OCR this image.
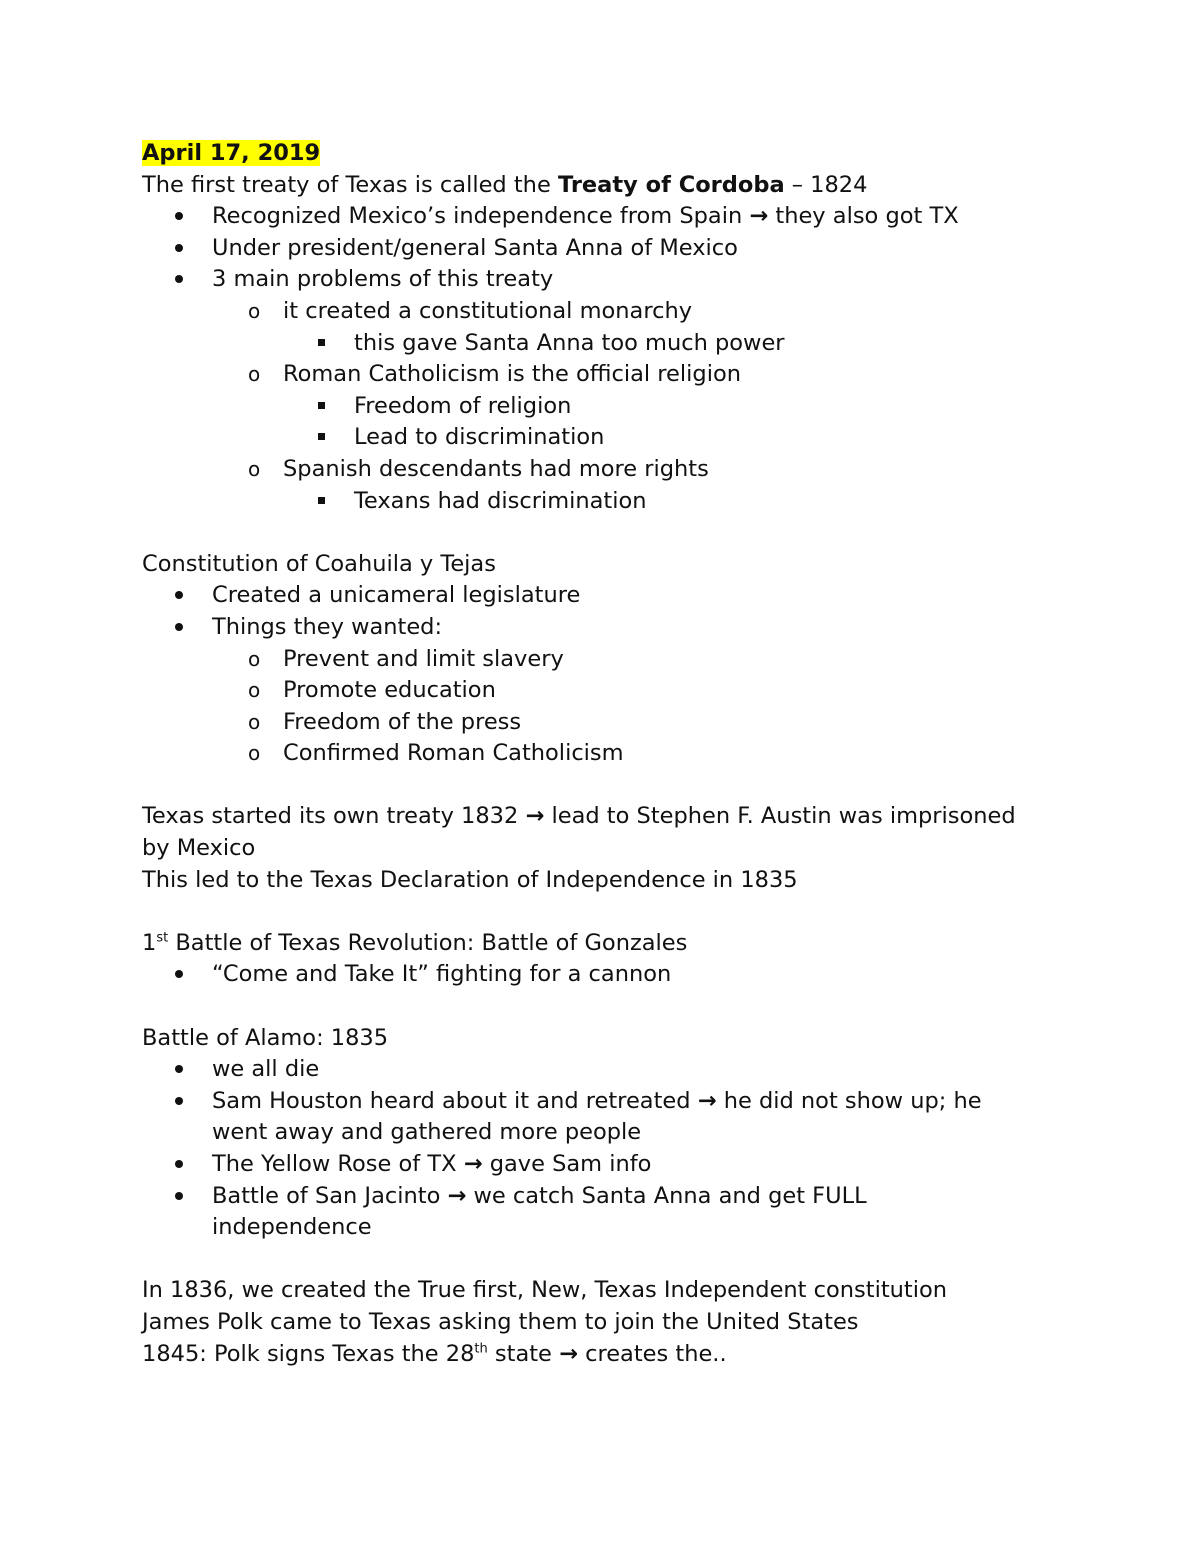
April 17, 2019
The first treaty of Texas is called the Treaty of Cordoba – 1824
Recognized Mexico’s independence from Spain → they also got TX
Under president/general Santa Anna of Mexico
3 main problems of this treaty
o it created a constitutional monarchy
this gave Santa Anna too much power
o Roman Catholicism is the official religion
Freedom of religion
Lead to discrimination
o Spanish descendants had more rights
Texans had discrimination
Constitution of Coahuila y Tejas
Created a unicameral legislature
Things they wanted:
o Prevent and limit slavery
o Promote education
o Freedom of the press
o Confirmed Roman Catholicism
Texas started its own treaty 1832 → lead to Stephen F. Austin was imprisoned
by Mexico
This led to the Texas Declaration of Independence in 1835
1st Battle of Texas Revolution: Battle of Gonzales
“Come and Take It” fighting for a cannon
Battle of Alamo: 1835
we all die
Sam Houston heard about it and retreated → he did not show up; he
went away and gathered more people
The Yellow Rose of TX → gave Sam info
Battle of San Jacinto → we catch Santa Anna and get FULL
independence
In 1836, we created the True first, New, Texas Independent constitution
James Polk came to Texas asking them to join the United States
1845: Polk signs Texas the 28th state → creates the..
